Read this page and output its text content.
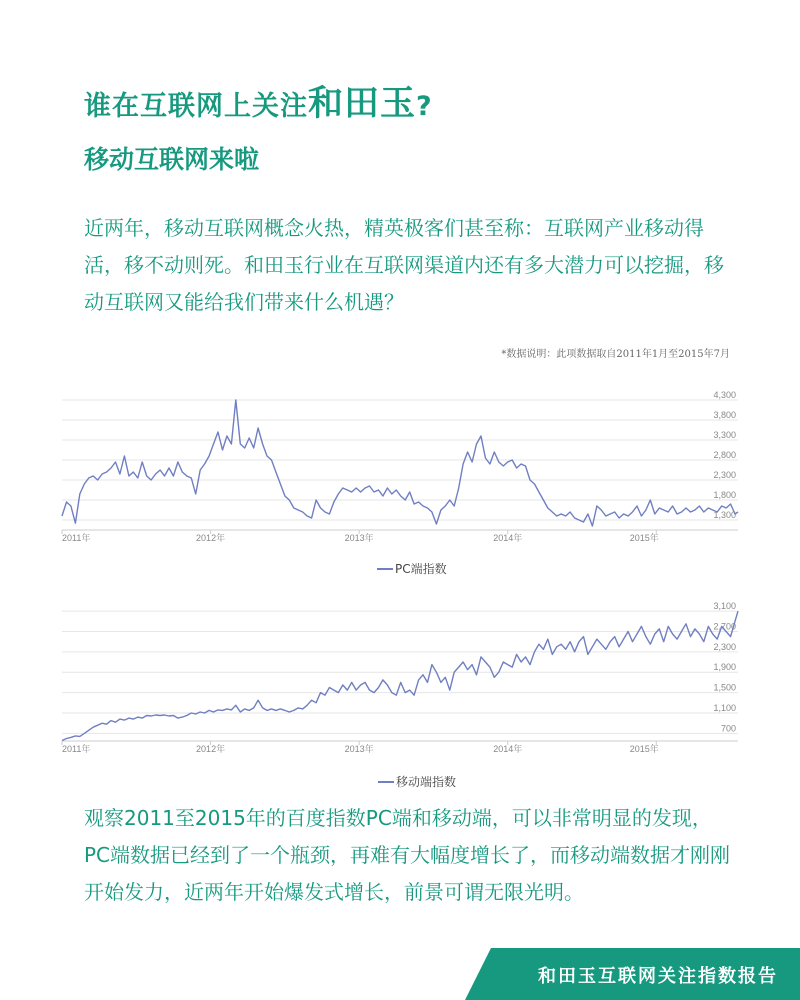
谁在互联网上关注和田玉?
移动互联网来啦

近两年，移动互联网概念火热，精英极客们甚至称：互联网产业移动得活，移不动则死。和田玉行业在互联网渠道内还有多大潜力可以挖掘，移动互联网又能给我们带来什么机遇？

*数据说明：此项数据取自2011年1月至2015年7月

1,300
1,800
2,300
2,800
3,300
3,800
4,300
2011年	2012年	2013年	2014年	2015年
PC端指数
700
1,100
1,500
1,900
2,300
2,700
3,100
2011年	2012年	2013年	2014年	2015年
移动端指数

观察2011至2015年的百度指数PC端和移动端，可以非常明显的发现，PC端数据已经到了一个瓶颈，再难有大幅度增长了，而移动端数据才刚刚开始发力，近两年开始爆发式增长，前景可谓无限光明。

和田玉互联网关注指数报告
